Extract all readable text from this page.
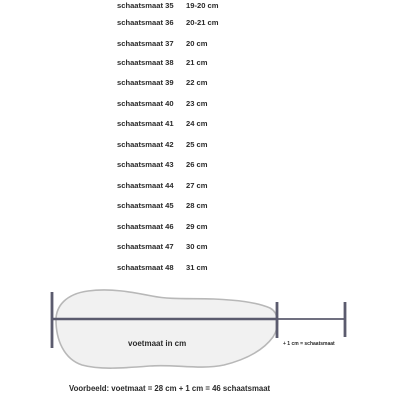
schaatsmaat 35 19-20 cm
schaatsmaat 36 20-21 cm
schaatsmaat 37 20 cm
schaatsmaat 38 21 cm
schaatsmaat 39 22 cm
schaatsmaat 40 23 cm
schaatsmaat 41 24 cm
schaatsmaat 42 25 cm
schaatsmaat 43 26 cm
schaatsmaat 44 27 cm
schaatsmaat 45 28 cm
schaatsmaat 46 29 cm
schaatsmaat 47 30 cm
schaatsmaat 48 31 cm
voetmaat in cm	+ 1 cm = schaatsmaat
Voorbeeld: voetmaat = 28 cm + 1 cm = 46 schaatsmaat
